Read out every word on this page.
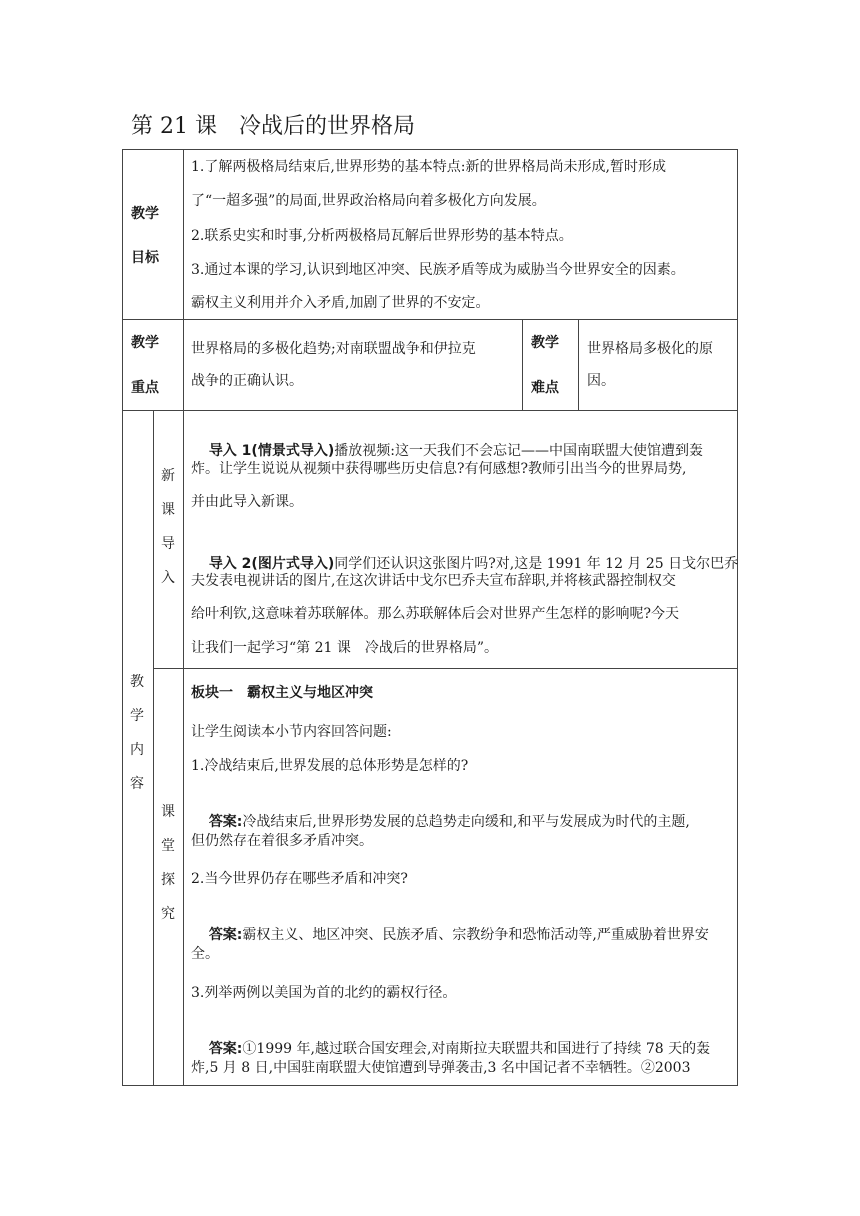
第 21 课　冷战后的世界格局
教学
目标
1.了解两极格局结束后,世界形势的基本特点:新的世界格局尚未形成,暂时形成
了“一超多强”的局面,世界政治格局向着多极化方向发展。
2.联系史实和时事,分析两极格局瓦解后世界形势的基本特点。
3.通过本课的学习,认识到地区冲突、民族矛盾等成为威胁当今世界安全的因素。
霸权主义利用并介入矛盾,加剧了世界的不安定。
教学
重点
世界格局的多极化趋势;对南联盟战争和伊拉克
战争的正确认识。
教学
难点
世界格局多极化的原
因。
教
学
内
容
新
课
导
入

导入 1(情景式导入)播放视频:这一天我们不会忘记——中国南联盟大使馆遭到轰

炸。让学生说说从视频中获得哪些历史信息?有何感想?教师引出当今的世界局势,
并由此导入新课。

导入 2(图片式导入)同学们还认识这张图片吗?对,这是 1991 年 12 月 25 日戈尔巴乔

夫发表电视讲话的图片,在这次讲话中戈尔巴乔夫宣布辞职,并将核武器控制权交
给叶利钦,这意味着苏联解体。那么苏联解体后会对世界产生怎样的影响呢?今天
让我们一起学习“第 21 课　冷战后的世界格局”。
课
堂
探
究
板块一　霸权主义与地区冲突
让学生阅读本小节内容回答问题:
1.冷战结束后,世界发展的总体形势是怎样的?

答案:冷战结束后,世界形势发展的总趋势走向缓和,和平与发展成为时代的主题,

但仍然存在着很多矛盾冲突。
2.当今世界仍存在哪些矛盾和冲突?

答案:霸权主义、地区冲突、民族矛盾、宗教纷争和恐怖活动等,严重威胁着世界安

全。
3.列举两例以美国为首的北约的霸权行径。

答案:①1999 年,越过联合国安理会,对南斯拉夫联盟共和国进行了持续 78 天的轰

炸,5 月 8 日,中国驻南联盟大使馆遭到导弹袭击,3 名中国记者不幸牺牲。②2003
